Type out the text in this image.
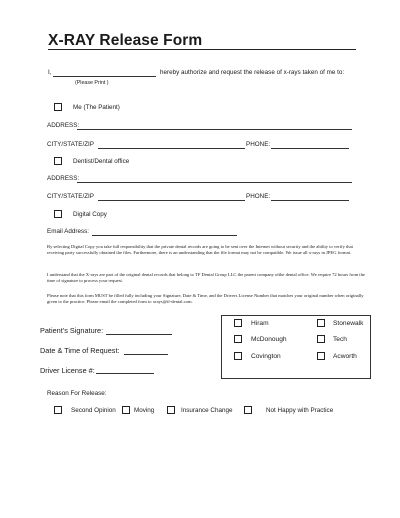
X-RAY Release Form
I,	hereby authorize and request the release of x-rays taken of me to:
(Please Print )
Me (The Patient)
ADDRESS:
CITY/STATE/ZIP	PHONE:
Dentist/Dental office
ADDRESS:
CITY/STATE/ZIP	PHONE:
Digital Copy
Email Address:
By selecting Digital Copy you take full responsibility that the private dental records are going to be sent over the Internet without security and the ability to verify that receiving party successfully obtained the files. Furthermore, there is an understanding that the file format may not be compatible. We issue all x-rays in JPEG format.
I understand that the X-rays are part of the original dental records that belong to TF Dental Group LLC the parent company ofthe dental office. We require 72 hours from the time of signature to process your request.
Please note that this form MUST be filled fully including your Signature, Date & Time, and the Drivers License Number that matches your original number when originally given to the practice. Please email the completed form to xrays@tf-dental.com.
Patient’s Signature:
Date & Time of Request:
Driver License #:
Hiram	Stonewalk
McDonough	Tech
Covington	Acworth
Reason For Release:
Second Opinion	Moving	Insurance Change	Not Happy with Practice
